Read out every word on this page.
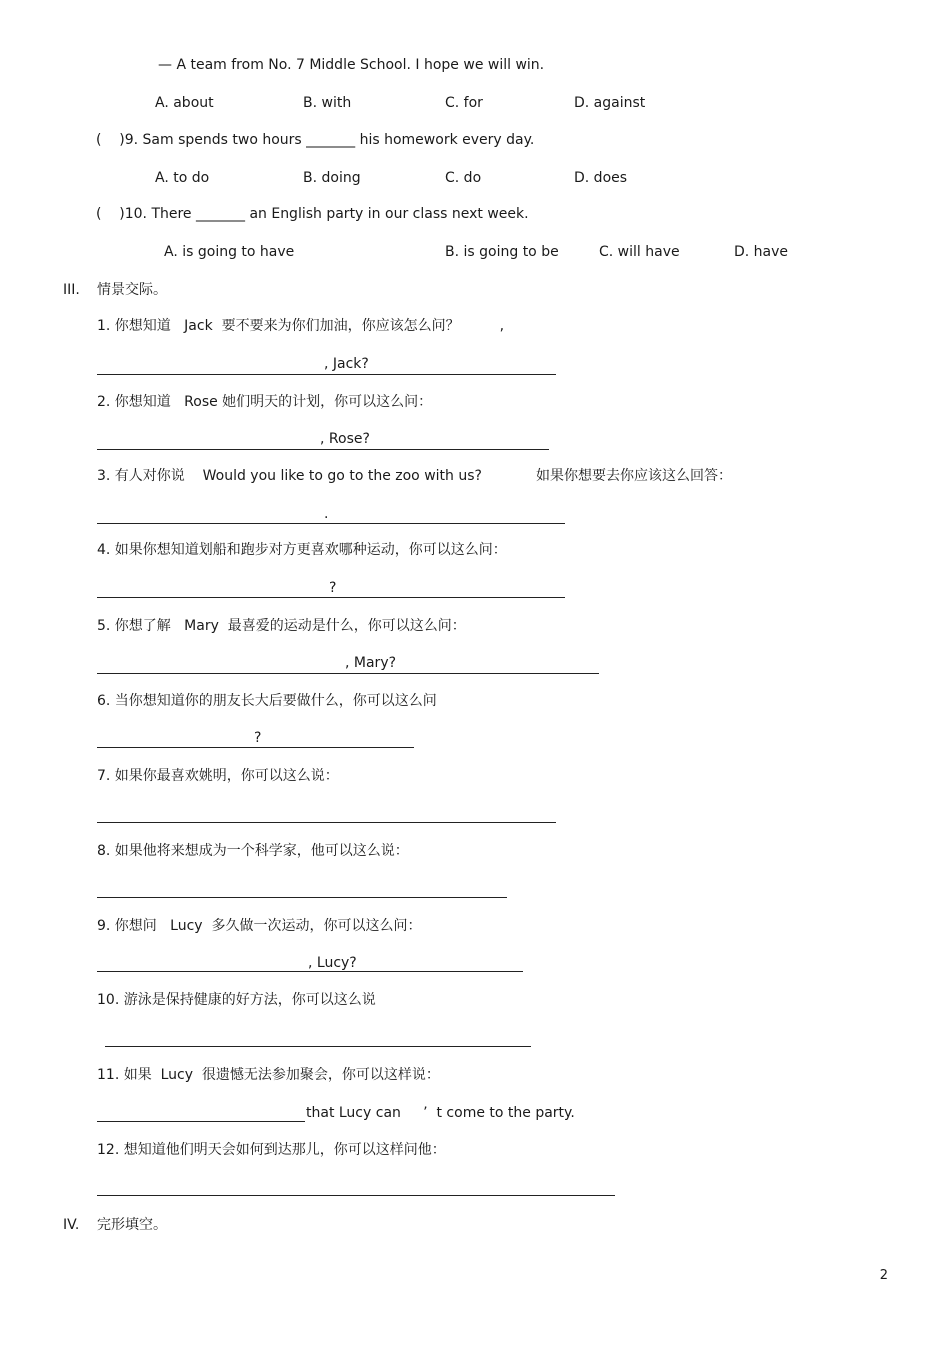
— A team from No. 7 Middle School. I hope we will win.
A. about	B. with	C. for	D. against
(    )9. Sam spends two hours _______ his homework every day.
A. to do	B. doing	C. do	D. does
(    )10. There _______ an English party in our class next week.
A. is going to have	B. is going to be	C. will have	D. have
III. 情景交际。
1. 你想知道   Jack  要不要来为你们加油，你应该怎么问？         ,
, Jack?
2. 你想知道   Rose 她们明天的计划，你可以这么问：
, Rose?
3. 有人对你说    Would you like to go to the zoo with us?	如果你想要去你应该这么回答：
.
4. 如果你想知道划船和跑步对方更喜欢哪种运动，你可以这么问：
?
5. 你想了解   Mary  最喜爱的运动是什么，你可以这么问：
, Mary?
6. 当你想知道你的朋友长大后要做什么，你可以这么问
?
7. 如果你最喜欢姚明，你可以这么说：
8. 如果他将来想成为一个科学家，他可以这么说：
9. 你想问   Lucy  多久做一次运动，你可以这么问：
, Lucy?
10. 游泳是保持健康的好方法，你可以这么说
11. 如果  Lucy  很遗憾无法参加聚会，你可以这样说：
that Lucy can     ’  t come to the party.
12. 想知道他们明天会如何到达那儿，你可以这样问他：
IV. 完形填空。
2
